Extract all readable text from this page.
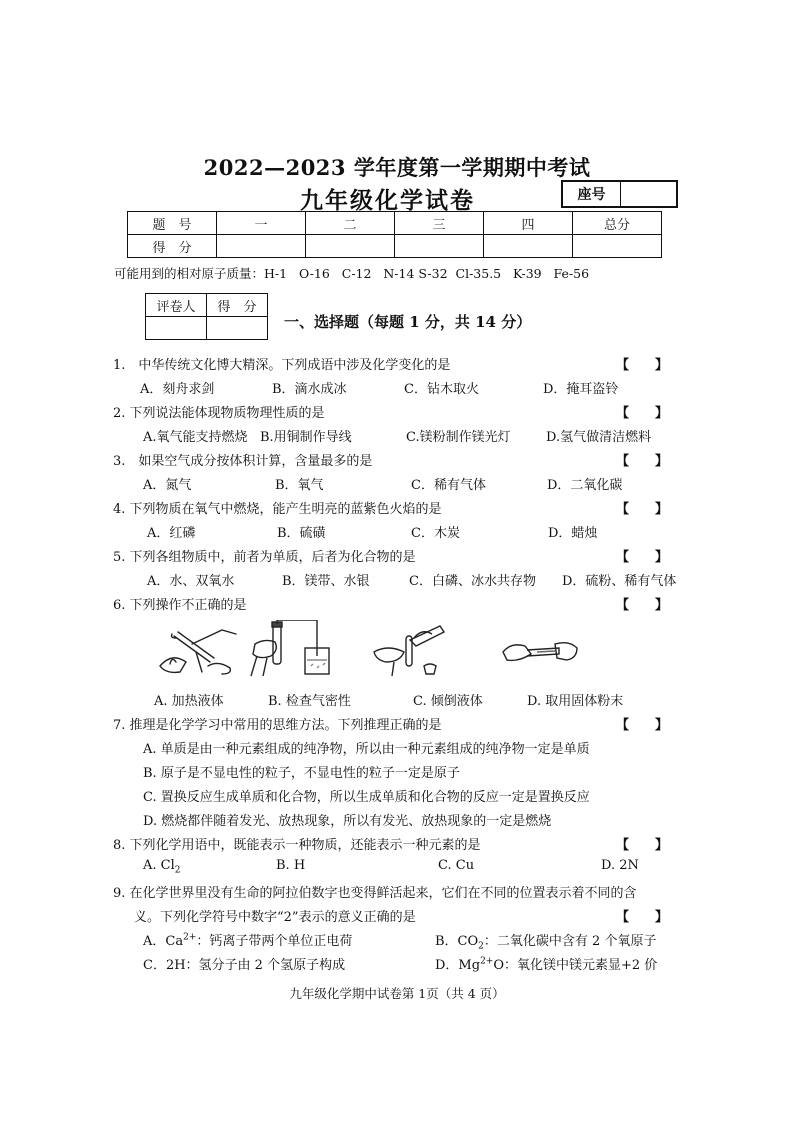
2022—2023 学年度第一学期期中考试
九年级化学试卷	座号
题　号	一	二	三	四	总分
得　分					
可能用到的相对原子质量：H-1   O-16   C-12   N-14 S-32  Cl-35.5   K-39   Fe-56
评卷人	得　分

一、选择题（每题 1 分，共 14 分）
1.　中华传统文化博大精深。下列成语中涉及化学变化的是	【　　】
A．刻舟求剑	B．滴水成冰	C．钻木取火	D．掩耳盗铃
2. 下列说法能体现物质物理性质的是	【　　】
A.氧气能支持燃烧 B.用铜制作导线	C.镁粉制作镁光灯	D.氢气做清洁燃料
3.　如果空气成分按体积计算，含量最多的是	【　　】
A．氮气	B．氧气	C．稀有气体	D．二氧化碳
4. 下列物质在氧气中燃烧，能产生明亮的蓝紫色火焰的是	【　　】
A．红磷	B．硫磺	C．木炭	D．蜡烛
5. 下列各组物质中，前者为单质，后者为化合物的是	【　　】
A．水、双氧水	B．镁带、水银	C．白磷、冰水共存物 D．硫粉、稀有气体
6. 下列操作不正确的是	【　　】
A. 加热液体	B. 检查气密性	C. 倾倒液体	D. 取用固体粉末
7. 推理是化学学习中常用的思维方法。下列推理正确的是	【　　】
A. 单质是由一种元素组成的纯净物，所以由一种元素组成的纯净物一定是单质
B. 原子是不显电性的粒子，不显电性的粒子一定是原子
C. 置换反应生成单质和化合物，所以生成单质和化合物的反应一定是置换反应
D. 燃烧都伴随着发光、放热现象，所以有发光、放热现象的一定是燃烧
8. 下列化学用语中，既能表示一种物质，还能表示一种元素的是	【　　】
A. $Cl_2$	B. H	C. Cu	D. 2N
9. 在化学世界里没有生命的阿拉伯数字也变得鲜活起来，它们在不同的位置表示着不同的含
义。下列化学符号中数字“2”表示的意义正确的是	【　　】
A．$Ca^{2+}$：钙离子带两个单位正电荷	B．$CO_2$：二氧化碳中含有 2 个氧原子
C．2H：氢分子由 2 个氢原子构成	D．$Mg^{2+}O$：氧化镁中镁元素显+2 价
九年级化学期中试卷第 1页（共 4 页）
